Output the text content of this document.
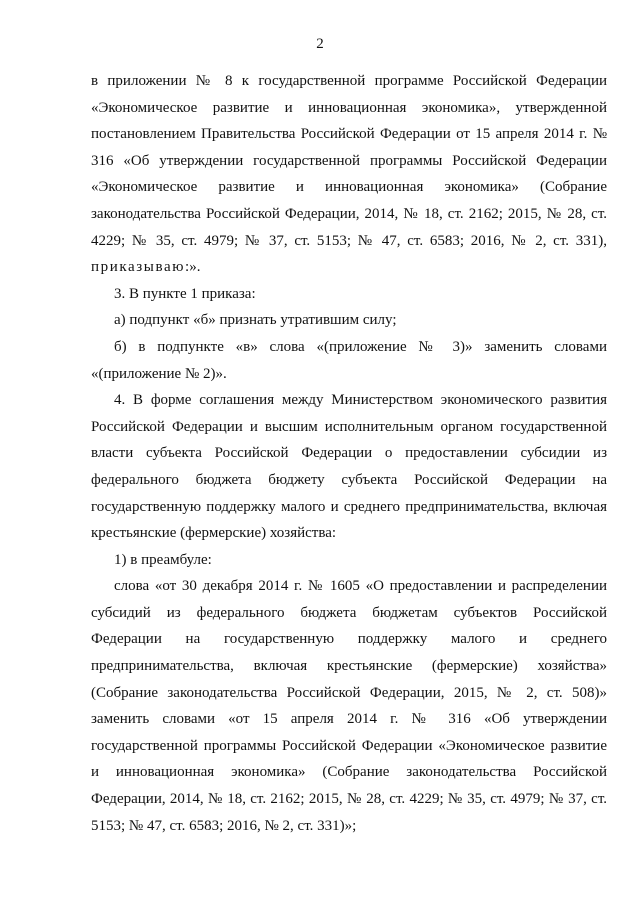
2

в приложении № 8 к государственной программе Российской Федерации «Экономическое развитие и инновационная экономика», утвержденной постановлением Правительства Российской Федерации от 15 апреля 2014 г. № 316 «Об утверждении государственной программы Российской Федерации «Экономическое развитие и инновационная экономика» (Собрание законодательства Российской Федерации, 2014, № 18, ст. 2162; 2015, № 28, ст. 4229; № 35, ст. 4979; № 37, ст. 5153; № 47, ст. 6583; 2016, № 2, ст. 331), приказываю:».

3. В пункте 1 приказа:

а) подпункт «б» признать утратившим силу;

б) в подпункте «в» слова «(приложение № 3)» заменить словами «(приложение № 2)».

4. В форме соглашения между Министерством экономического развития Российской Федерации и высшим исполнительным органом государственной власти субъекта Российской Федерации о предоставлении субсидии из федерального бюджета бюджету субъекта Российской Федерации на государственную поддержку малого и среднего предпринимательства, включая крестьянские (фермерские) хозяйства:

1) в преамбуле:

слова «от 30 декабря 2014 г. № 1605 «О предоставлении и распределении субсидий из федерального бюджета бюджетам субъектов Российской Федерации на государственную поддержку малого и среднего предпринимательства, включая крестьянские (фермерские) хозяйства» (Собрание законодательства Российской Федерации, 2015, № 2, ст. 508)» заменить словами «от 15 апреля 2014 г. № 316 «Об утверждении государственной программы Российской Федерации «Экономическое развитие и инновационная экономика» (Собрание законодательства Российской Федерации, 2014, № 18, ст. 2162; 2015, № 28, ст. 4229; № 35, ст. 4979; № 37, ст. 5153; № 47, ст. 6583; 2016, № 2, ст. 331)»;
